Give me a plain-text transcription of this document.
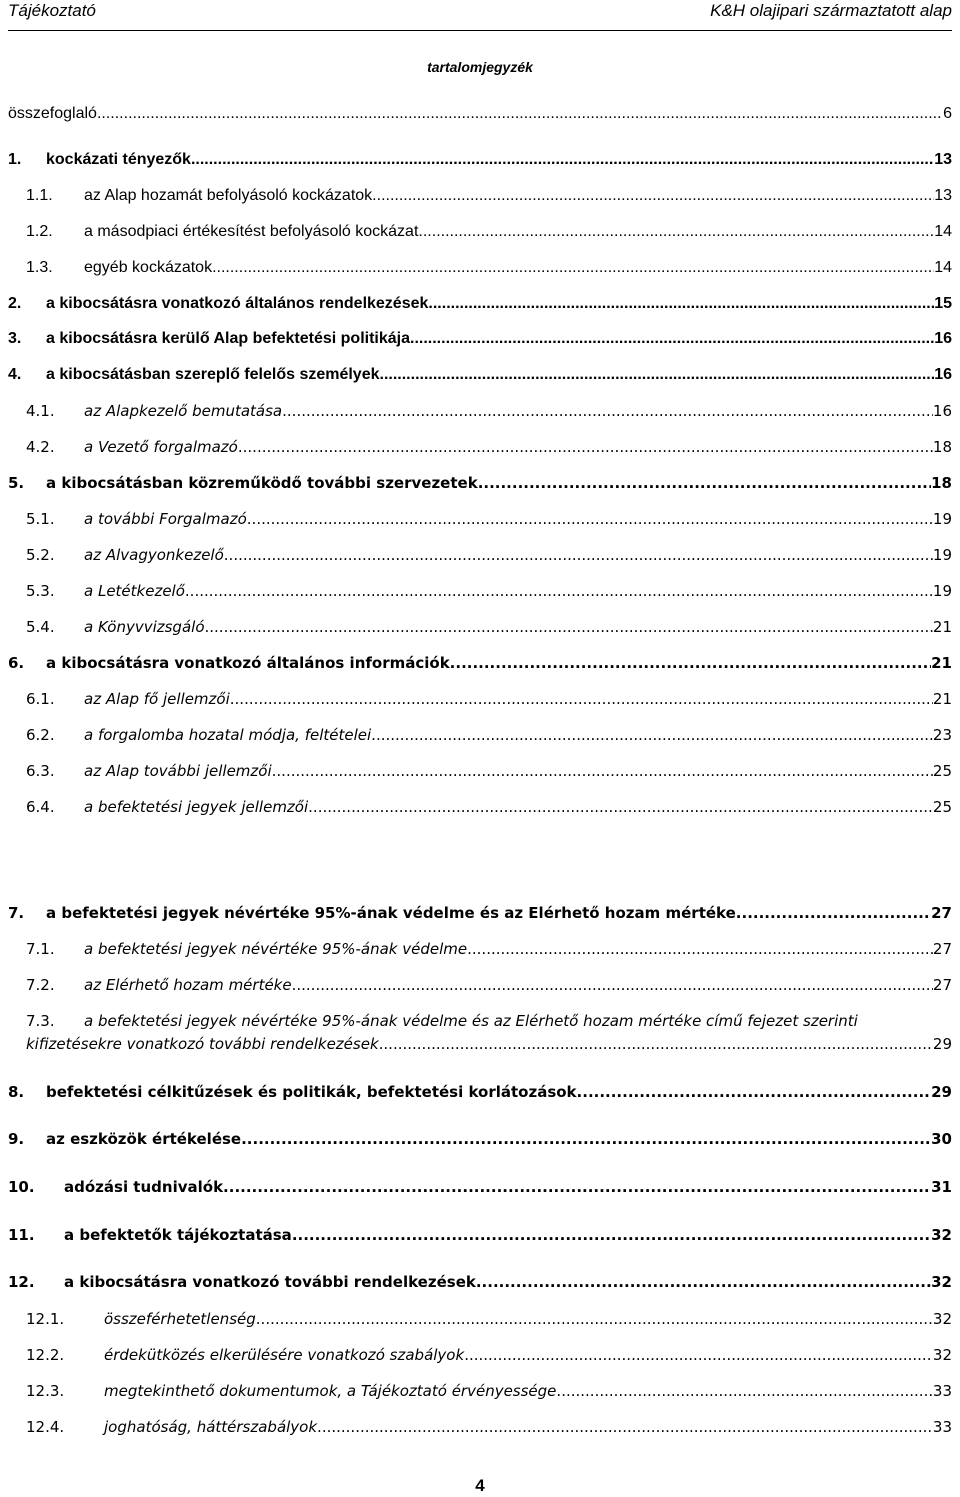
Tájékoztató	K&H olajipari származtatott alap
tartalomjegyzék
összefoglaló .....	6
1. kockázati tényezők .....	13
1.1. az Alap hozamát befolyásoló kockázatok .....	13
1.2. a másodpiaci értékesítést befolyásoló kockázat .....	14
1.3. egyéb kockázatok .....	14
2. a kibocsátásra vonatkozó általános rendelkezések .....	15
3. a kibocsátásra kerülő Alap befektetési politikája .....	16
4. a kibocsátásban szereplő felelős személyek .....	16
4.1. az Alapkezelő bemutatása .....	16
4.2. a Vezető forgalmazó .....	18
5. a kibocsátásban közreműködő további szervezetek .....	18
5.1. a további Forgalmazó .....	19
5.2. az Alvagyonkezelő .....	19
5.3. a Letétkezelő .....	19
5.4. a Könyvvizsgáló .....	21
6. a kibocsátásra vonatkozó általános információk .....	21
6.1. az Alap fő jellemzői .....	21
6.2. a forgalomba hozatal módja, feltételei .....	23
6.3. az Alap további jellemzői .....	25
6.4. a befektetési jegyek jellemzői .....	25
7. a befektetési jegyek névértéke 95%-ának védelme és az Elérhető hozam mértéke .....	27
7.1. a befektetési jegyek névértéke 95%-ának védelme .....	27
7.2. az Elérhető hozam mértéke .....	27
7.3. a befektetési jegyek névértéke 95%-ának védelme és az Elérhető hozam mértéke című fejezet szerinti
kifizetésekre vonatkozó további rendelkezések .....	29
8. befektetési célkitűzések és politikák, befektetési korlátozások .....	29
9. az eszközök értékelése .....	30
10. adózási tudnivalók .....	31
11. a befektetők tájékoztatása .....	32
12. a kibocsátásra vonatkozó további rendelkezések .....	32
12.1.	összeférhetetlenség .....	32
12.2.	érdekütközés elkerülésére vonatkozó szabályok .....	32
12.3.	megtekinthető dokumentumok, a Tájékoztató érvényessége .....	33
12.4.	joghatóság, háttérszabályok .....	33
4
